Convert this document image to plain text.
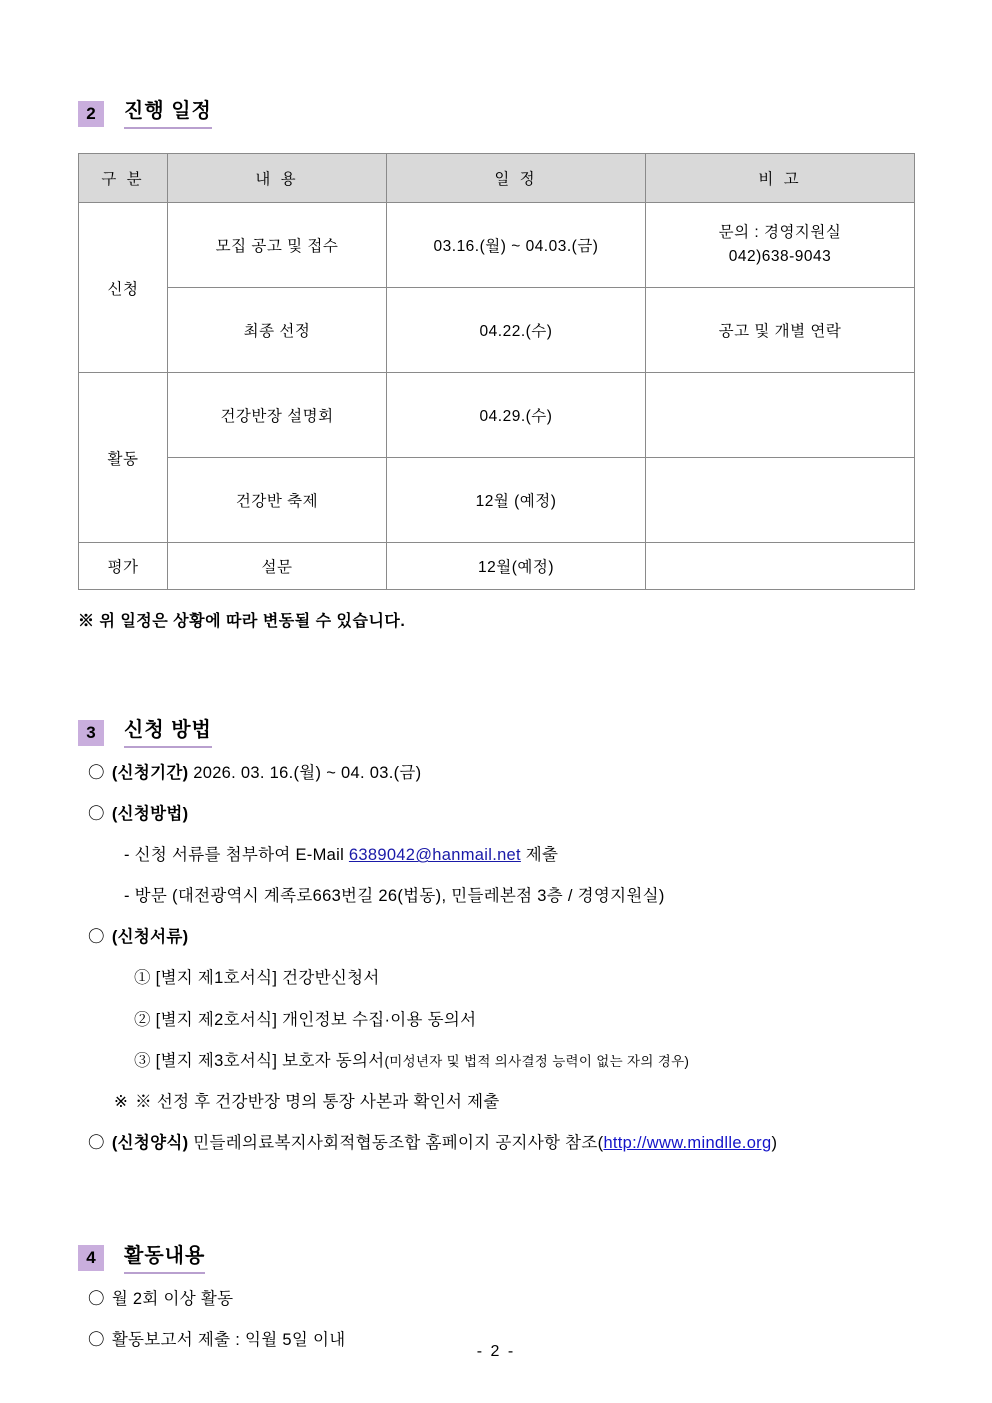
2	진행 일정
구 분	내 용	일 정	비 고
신청	모집 공고 및 접수	03.16.(월) ~ 04.03.(금)	문의 : 경영지원실
042)638-9043

	최종 선정	04.22.(수)	공고 및 개별 연락
활동	건강반장 설명회	04.29.(수)	
	건강반 축제	12월 (예정)	
평가	설문	12월(예정)	
※ 위 일정은 상황에 따라 변동될 수 있습니다.
3	신청 방법
〇 (신청기간) 2026. 03. 16.(월) ~ 04. 03.(금)
〇 (신청방법)
- 신청 서류를 첨부하여 E-Mail 6389042@hanmail.net 제출
- 방문 (대전광역시 계족로663번길 26(법동), 민들레본점 3층 / 경영지원실)
〇 (신청서류)
① [별지 제1호서식] 건강반신청서
② [별지 제2호서식] 개인정보 수집·이용 동의서
③ [별지 제3호서식] 보호자 동의서(미성년자 및 법적 의사결정 능력이 없는 자의 경우)
※ ※ 선정 후 건강반장 명의 통장 사본과 확인서 제출
〇 (신청양식) 민들레의료복지사회적협동조합 홈페이지 공지사항 참조(http://www.mindlle.org)
4	활동내용
〇 월 2회 이상 활동
〇 활동보고서 제출 : 익월 5일 이내
- 2 -
